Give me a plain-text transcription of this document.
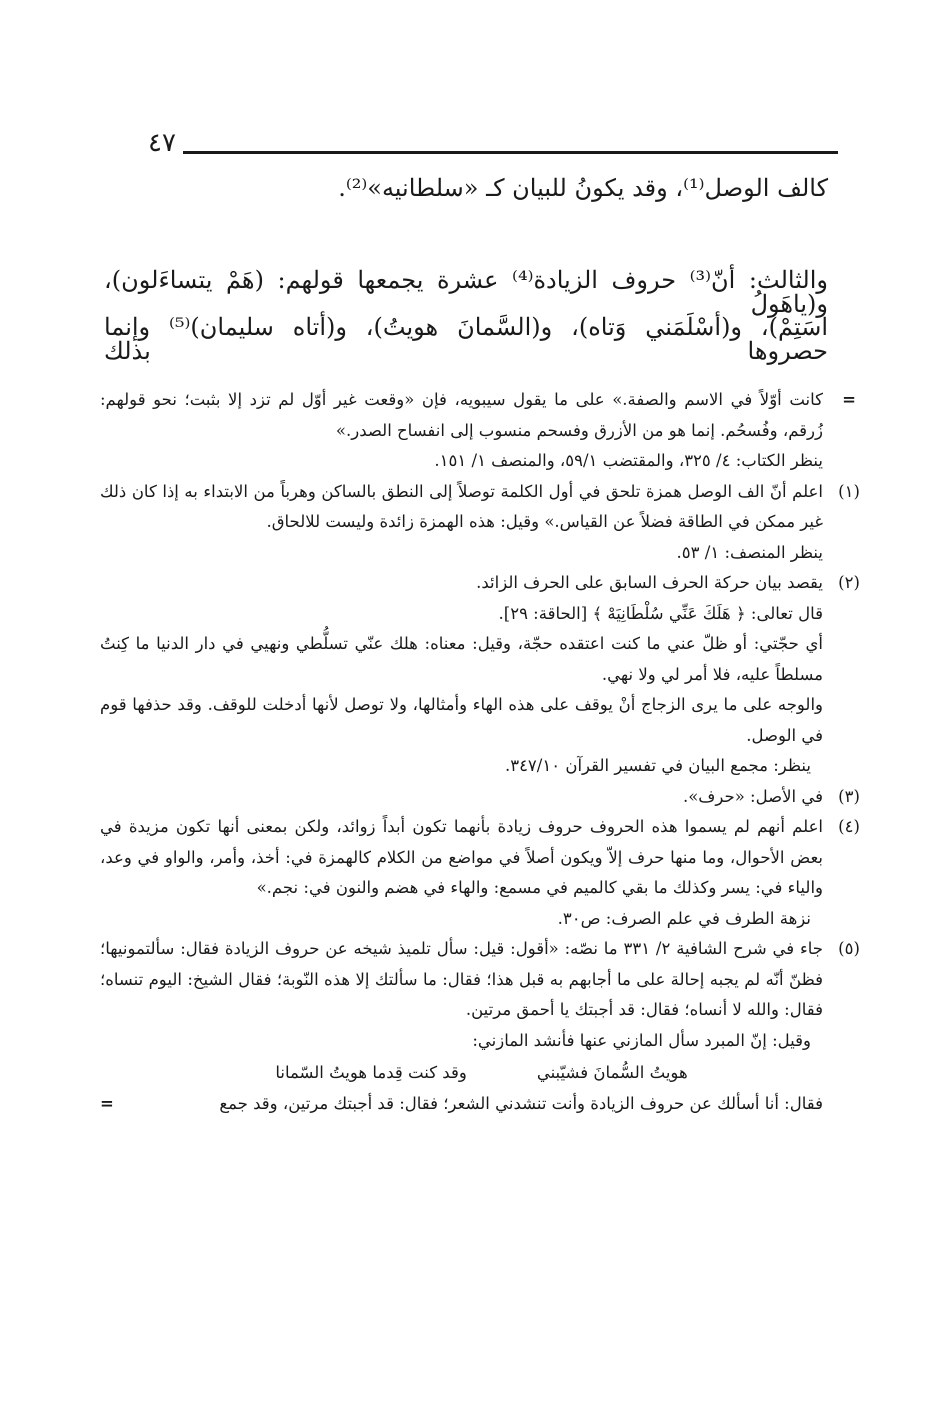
٤٧
كالف الوصل⁽¹⁾، وقد يكونُ للبيان كـ «سلطانيه»⁽²⁾.
والثالث: أنّ⁽³⁾ حروف الزيادة⁽⁴⁾ عشرة يجمعها قولهم: (هَمْ يتساءَلون)، و(ياهَولُ
اسَتِمْ)، و(أسْلَمَني وَتاه)، و(السَّمانَ هويتُ)، و(أتاه سليمان)⁽⁵⁾ وإنما حصروها بذلك
=

كانت أوّلاً في الاسم والصفة.» على ما يقول سيبويه، فإن «وقعت غير أوّل لم تزد إلا بثبت؛ نحو قولهم: زُرقم، وفُسحُم. إنما هو من الأزرق وفسحم منسوب إلى انفساح الصدر.»

ينظر الكتاب: ٤/ ٣٢٥، والمقتضب ٥٩/١، والمنصف ١/ ١٥١.

(١)

اعلم أنّ الف الوصل همزة تلحق في أول الكلمة توصلاً إلى النطق بالساكن وهرباً من الابتداء به إذا كان ذلك غير ممكن في الطاقة فضلاً عن القياس.» وقيل: هذه الهمزة زائدة وليست للالحاق.

ينظر المنصف: ١/ ٥٣.

(٢)

يقصد بيان حركة الحرف السابق على الحرف الزائد.

قال تعالى: ﴿ هَلَكَ عَنِّي سُلْطَانِيَهْ ﴾ [الحاقة: ٢٩].

أي حجّتي: أو ظلّ عني ما كنت اعتقده حجّة، وقيل: معناه: هلك عنّي تسلُّطي ونهيي في دار الدنيا ما كِنتُ مسلطاً عليه، فلا أمر لي ولا نهي.

والوجه على ما يرى الزجاج أنْ يوقف على هذه الهاء وأمثالها، ولا توصل لأنها أدخلت للوقف. وقد حذفها قوم في الوصل.

ينظر: مجمع البيان في تفسير القرآن ٣٤٧/١٠.

(٣)

في الأصل: «حرف».

(٤)

اعلم أنهم لم يسموا هذه الحروف حروف زيادة بأنهما تكون أبداً زوائد، ولكن بمعنى أنها تكون مزيدة في بعض الأحوال، وما منها حرف إلاّ ويكون أصلاً في مواضع من الكلام كالهمزة في: أخذ، وأمر، والواو في وعد، والياء في: يسر وكذلك ما بقي كالميم في مسمع: والهاء في هضم والنون في: نجم.»

نزهة الطرف في علم الصرف: ص٣٠.

(٥)

جاء في شرح الشافية ٢/ ٣٣١ ما نصّه: «أقول: قيل: سأل تلميذ شيخه عن حروف الزيادة فقال: سألتمونيها؛ فظنّ أنّه لم يجبه إحالة على ما أجابهم به قبل هذا؛ فقال: ما سألتك إلا هذه النّوبة؛ فقال الشيخ: اليوم تنساه؛ فقال: والله لا أنساه؛ فقال: قد أجبتك يا أحمق مرتين.

وقيل: إنّ المبرد سأل المازني عنها فأنشد المازني:

هويتُ السُّمانَ فشيّبني
وقد كنت قِدما هويتُ السّمانا
فقال: أنا أسألك عن حروف الزيادة وأنت تنشدني الشعر؛ فقال: قد أجبتك مرتين، وقد جمع
=
